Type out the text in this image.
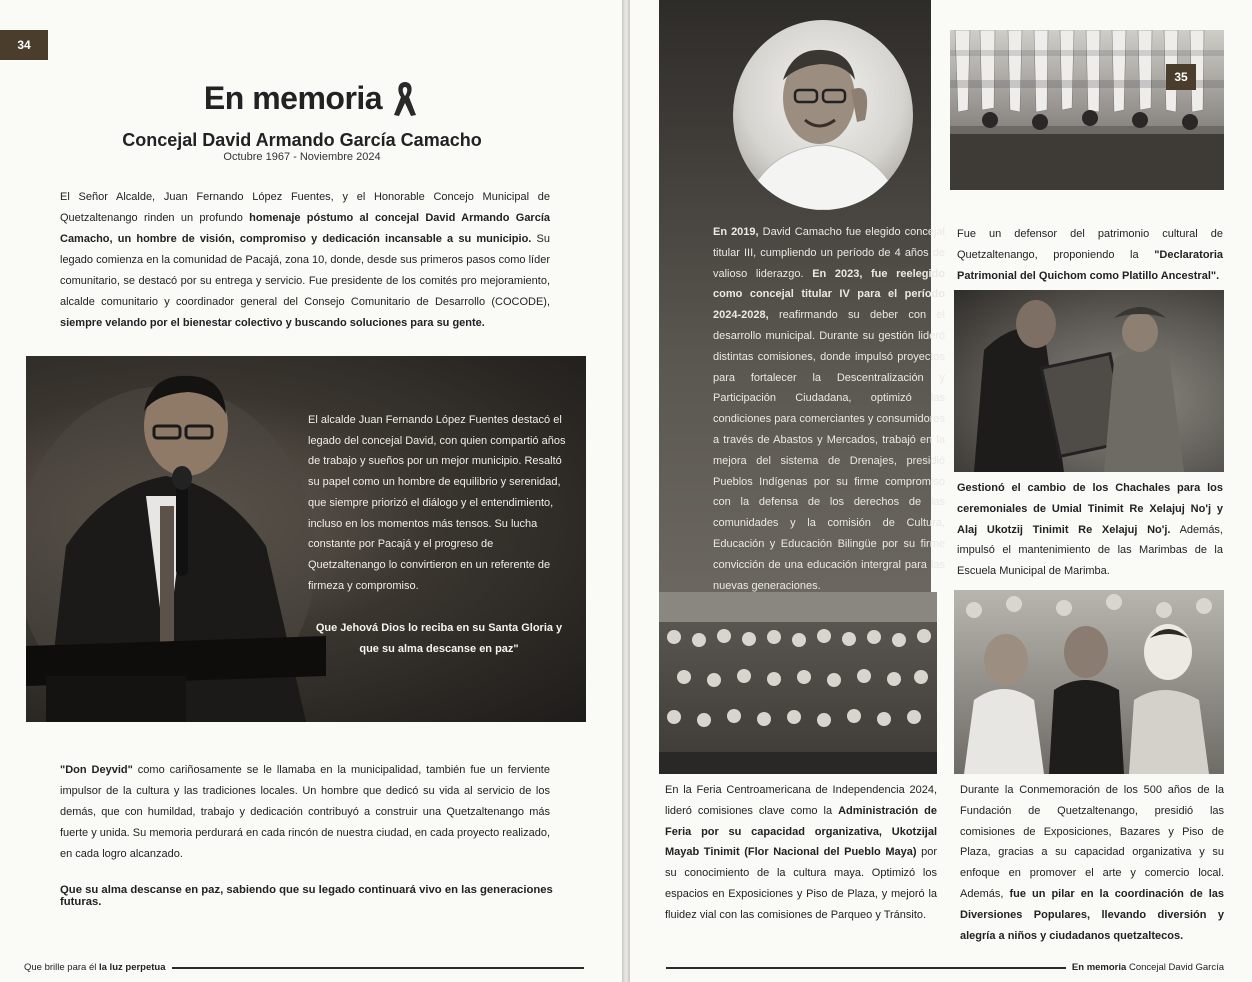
34
En memoria
Concejal David Armando García Camacho
Octubre 1967 - Noviembre 2024
El Señor Alcalde, Juan Fernando López Fuentes, y el Honorable Concejo Municipal de Quetzaltenango rinden un profundo homenaje póstumo al concejal David Armando García Camacho, un hombre de visión, compromiso y dedicación incansable a su municipio. Su legado comienza en la comunidad de Pacajá, zona 10, donde, desde sus primeros pasos como líder comunitario, se destacó por su entrega y servicio. Fue presidente de los comités pro mejoramiento, alcalde comunitario y coordinador general del Consejo Comunitario de Desarrollo (COCODE), siempre velando por el bienestar colectivo y buscando soluciones para su gente.
El alcalde Juan Fernando López Fuentes destacó el legado del concejal David, con quien compartió años de trabajo y sueños por un mejor municipio. Resaltó su papel como un hombre de equilibrio y serenidad, que siempre priorizó el diálogo y el entendimiento, incluso en los momentos más tensos. Su lucha constante por Pacajá y el progreso de Quetzaltenango lo convirtieron en un referente de firmeza y compromiso.
Que Jehová Dios lo reciba en su Santa Gloria y que su alma descanse en paz"
"Don Deyvid" como cariñosamente se le llamaba en la municipalidad, también fue un ferviente impulsor de la cultura y las tradiciones locales. Un hombre que dedicó su vida al servicio de los demás, que con humildad, trabajo y dedicación contribuyó a construir una Quetzaltenango más fuerte y unida. Su memoria perdurará en cada rincón de nuestra ciudad, en cada proyecto realizado, en cada logro alcanzado.
Que su alma descanse en paz, sabiendo que su legado continuará vivo en las generaciones futuras.
Que brille para él
la luz perpetua
En 2019, David Camacho fue elegido concejal titular III, cumpliendo un período de 4 años de valioso liderazgo. En 2023, fue reelegido como concejal titular IV para el período 2024-2028, reafirmando su deber con el desarrollo municipal. Durante su gestión lideró distintas comisiones, donde impulsó proyectos para fortalecer la Descentralización y Participación Ciudadana, optimizó las condiciones para comerciantes y consumidores a través de Abastos y Mercados, trabajó en la mejora del sistema de Drenajes, presidió Pueblos Indígenas por su firme compromiso con la defensa de los derechos de las comunidades y la comisión de Cultura, Educación y Educación Bilingüe por su firme convicción de una educación intergral para las nuevas generaciones.
35
Fue un defensor del patrimonio cultural de Quetzaltenango, proponiendo la "Declaratoria Patrimonial del Quichom como Platillo Ancestral".
Gestionó el cambio de los Chachales para los ceremoniales de Umial Tinimit Re Xelajuj No'j y Alaj Ukotzij Tinimit Re Xelajuj No'j. Además, impulsó el mantenimiento de las Marimbas de la Escuela Municipal de Marimba.
En la Feria Centroamericana de Independencia 2024, lideró comisiones clave como la Administración de Feria por su capacidad organizativa, Ukotzijal Mayab Tinimit (Flor Nacional del Pueblo Maya) por su conocimiento de la cultura maya. Optimizó los espacios en Exposiciones y Piso de Plaza, y mejoró la fluidez vial con las comisiones de Parqueo y Tránsito.
Durante la Conmemoración de los 500 años de la Fundación de Quetzaltenango, presidió las comisiones de Exposiciones, Bazares y Piso de Plaza, gracias a su capacidad organizativa y su enfoque en promover el arte y comercio local. Además, fue un pilar en la coordinación de las Diversiones Populares, llevando diversión y alegría a niños y ciudadanos quetzaltecos.
En memoria
Concejal David García
